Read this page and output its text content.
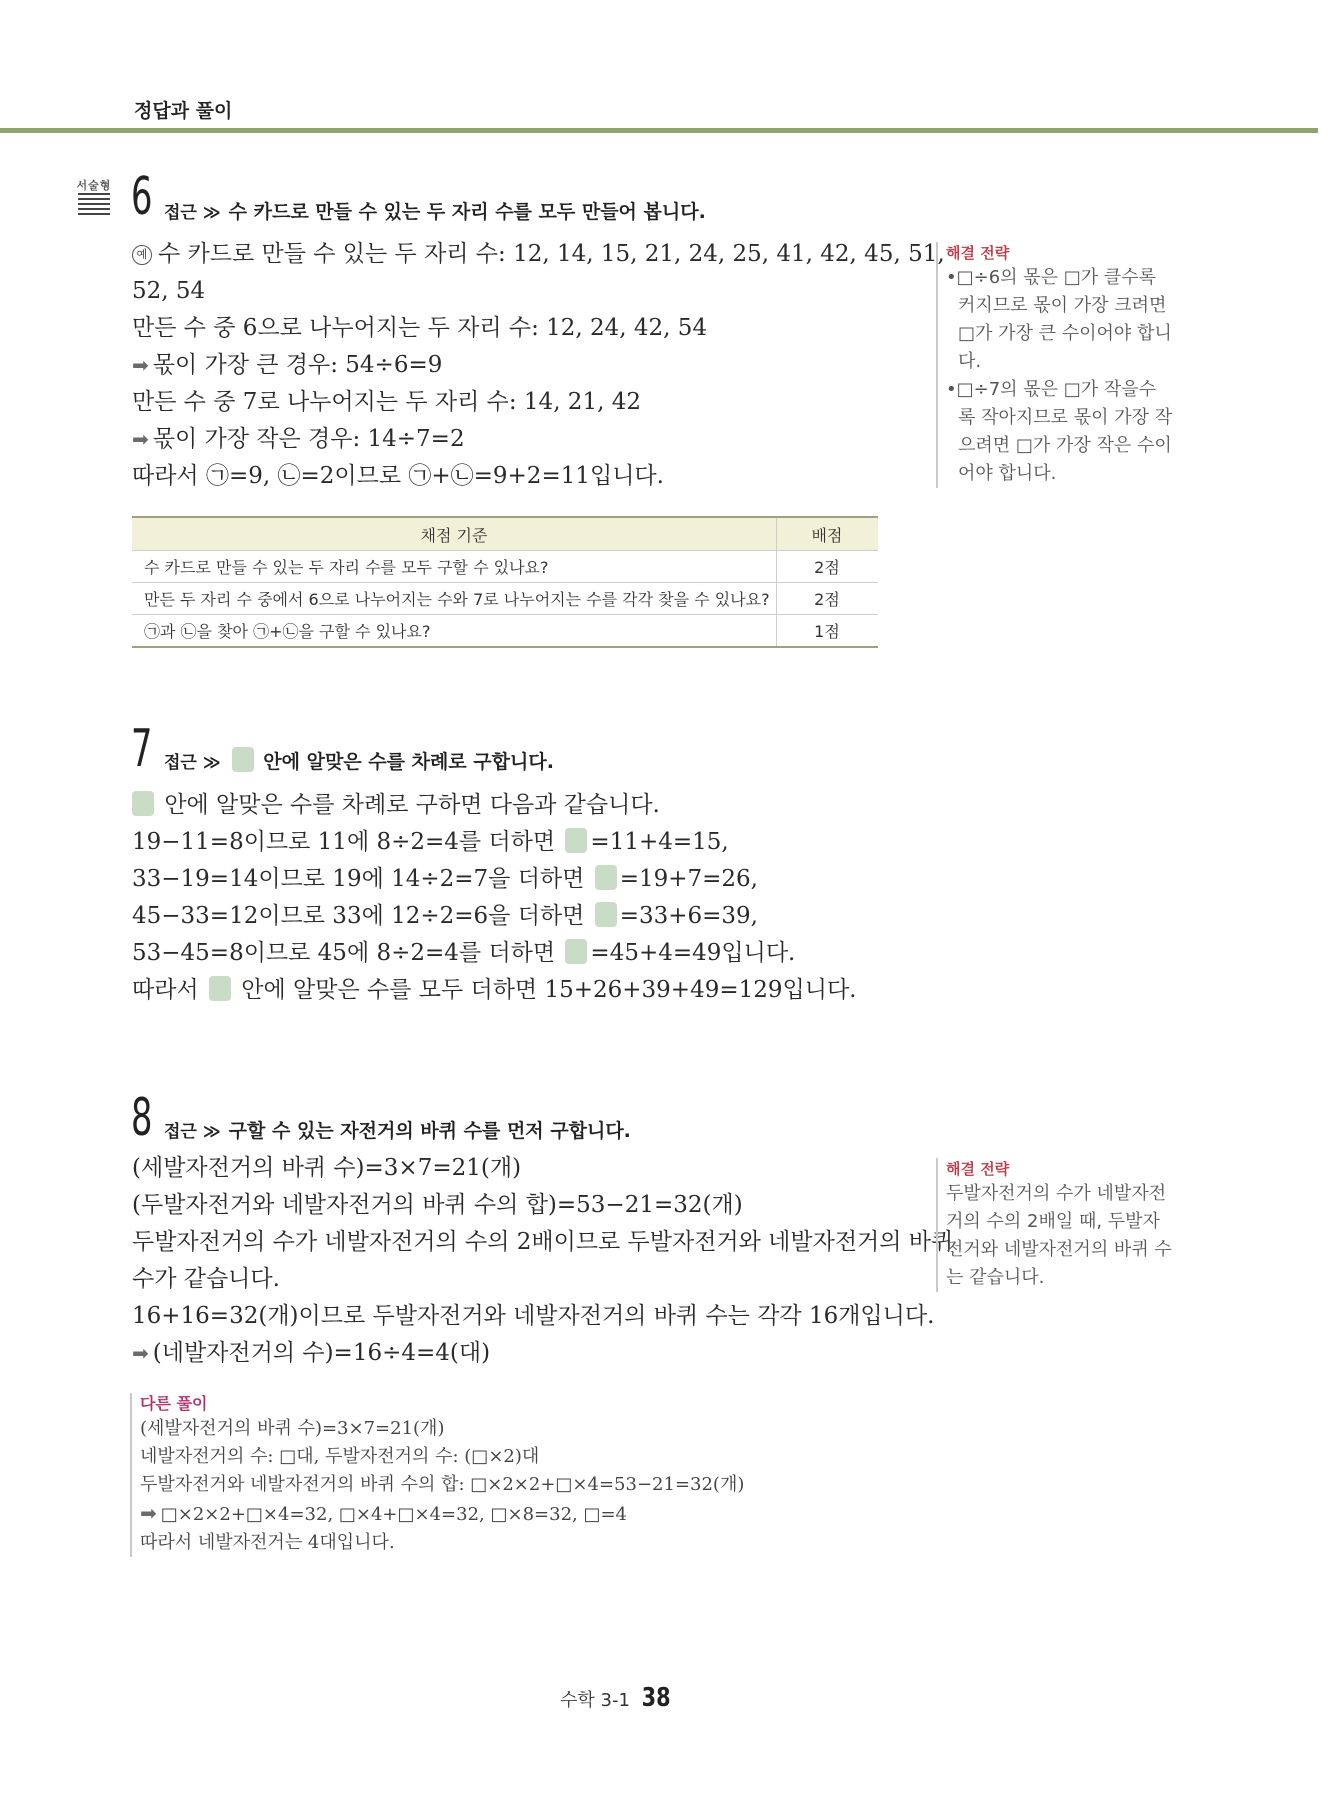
정답과 풀이
서술형 6 접근 ≫ 수 카드로 만들 수 있는 두 자리 수를 모두 만들어 봅니다.
예 수 카드로 만들 수 있는 두 자리 수: 12, 14, 15, 21, 24, 25, 41, 42, 45, 51,
52, 54
만든 수 중 6으로 나누어지는 두 자리 수: 12, 24, 42, 54
➡ 몫이 가장 큰 경우: 54÷6=9
만든 수 중 7로 나누어지는 두 자리 수: 14, 21, 42
➡ 몫이 가장 작은 경우: 14÷7=2
따라서 ㉠=9, ㉡=2이므로 ㉠+㉡=9+2=11입니다.
채점 기준	배점
수 카드로 만들 수 있는 두 자리 수를 모두 구할 수 있나요?	2점
만든 두 자리 수 중에서 6으로 나누어지는 수와 7로 나누어지는 수를 각각 찾을 수 있나요?	2점
㉠과 ㉡을 찾아 ㉠+㉡을 구할 수 있나요?	1점
해결 전략
•□÷6의 몫은 □가 클수록
커지므로 몫이 가장 크려면
□가 가장 큰 수이어야 합니
다.
•□÷7의 몫은 □가 작을수
록 작아지므로 몫이 가장 작
으려면 □가 가장 작은 수이
어야 합니다.
7 접근 ≫ 안에 알맞은 수를 차례로 구합니다.
안에 알맞은 수를 차례로 구하면 다음과 같습니다.
19−11=8이므로 11에 8÷2=4를 더하면 =11+4=15,
33−19=14이므로 19에 14÷2=7을 더하면 =19+7=26,
45−33=12이므로 33에 12÷2=6을 더하면 =33+6=39,
53−45=8이므로 45에 8÷2=4를 더하면 =45+4=49입니다.
따라서 안에 알맞은 수를 모두 더하면 15+26+39+49=129입니다.
8 접근 ≫ 구할 수 있는 자전거의 바퀴 수를 먼저 구합니다.
(세발자전거의 바퀴 수)=3×7=21(개)
(두발자전거와 네발자전거의 바퀴 수의 합)=53−21=32(개)
두발자전거의 수가 네발자전거의 수의 2배이므로 두발자전거와 네발자전거의 바퀴
수가 같습니다.
16+16=32(개)이므로 두발자전거와 네발자전거의 바퀴 수는 각각 16개입니다.
➡ (네발자전거의 수)=16÷4=4(대)
해결 전략
두발자전거의 수가 네발자전
거의 수의 2배일 때, 두발자
전거와 네발자전거의 바퀴 수
는 같습니다.
다른 풀이
(세발자전거의 바퀴 수)=3×7=21(개)
네발자전거의 수: □대, 두발자전거의 수: (□×2)대
두발자전거와 네발자전거의 바퀴 수의 합: □×2×2+□×4=53−21=32(개)
➡ □×2×2+□×4=32, □×4+□×4=32, □×8=32, □=4
따라서 네발자전거는 4대입니다.
수학 3-1 38
